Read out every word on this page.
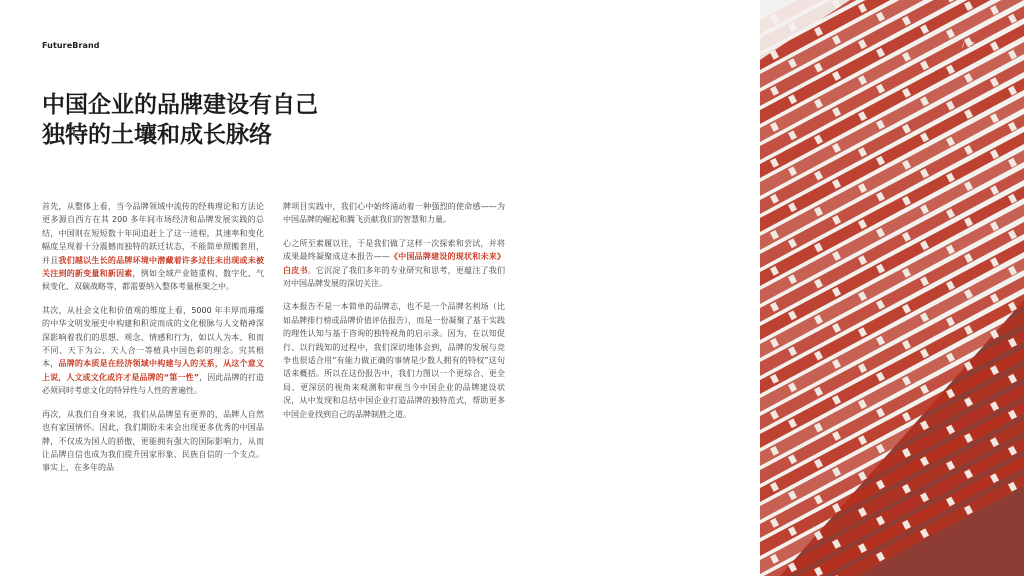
FutureBrand	/ 05
中国企业的品牌建设有自己
独特的土壤和成长脉络

首先，从整体上看，当今品牌领域中流传的经典理论和方法论更多源自西方在其 200 多年间市场经济和品牌发展实践的总结，中国则在短短数十年间追赶上了这一进程，其速率和变化幅度呈现着十分震撼而独特的跃迁状态，不能简单照搬套用，并且我们越以生长的品牌环境中潜藏着许多过往未出现或未被关注到的新变量和新因素，例如全域产业链重构、数字化、气候变化、双碳战略等，都需要纳入整体考量框架之中。

其次，从社会文化和价值观的维度上看，5000 年丰厚而璀璨的中华文明发展史中构建和积淀而成的文化根脉与人文精神深深影响着我们的思想、观念、情感和行为，如以人为本、和而不同、天下为公、天人合一等植具中国色彩的理念。究其根本，品牌的本质是在经济领域中构建与人的关系，从这个意义上说，人文或文化或许才是品牌的“第一性”，因此品牌的打造必须同时考虑文化的特异性与人性的普遍性。

再次，从我们自身来说，我们从品牌星有更养的，品牌人自然也有家国情怀。因此，我们期盼未来会出现更多优秀的中国品牌，不仅成为国人的骄傲，更能拥有强大的国际影响力，从而让品牌自信也成为我们提升国家形象、民族自信的一个支点。事实上，在多年的品

牌项目实践中，我们心中始终涌动着一种强烈的使命感——为中国品牌的崛起和腾飞贡献我们的智慧和力量。

心之所至素履以往，于是我们做了这样一次探索和尝试，并将成果最终凝聚成这本报告——《中国品牌建设的现状和未来》白皮书。它沉淀了我们多年的专业研究和思考，更蕴注了我们对中国品牌发展的深切关注。

这本报告不是一本简单的品牌志，也不是一个品牌名利场（比如品牌排行榜或品牌价值评估报告），而是一份凝聚了基于实践的理性认知与基于咨询的独特视角的启示录。因为，在以知促行、以行践知的过程中，我们深切地体会到，品牌的发展与竞争也很适合用“有能力做正确的事情是少数人拥有的特权”这句话来概括。所以在这份报告中，我们力图以一个更综合、更全局、更深层的视角来观测和审视当今中国企业的品牌建设状况，从中发现和总结中国企业打造品牌的独特范式，帮助更多中国企业找到自己的品牌制胜之道。
